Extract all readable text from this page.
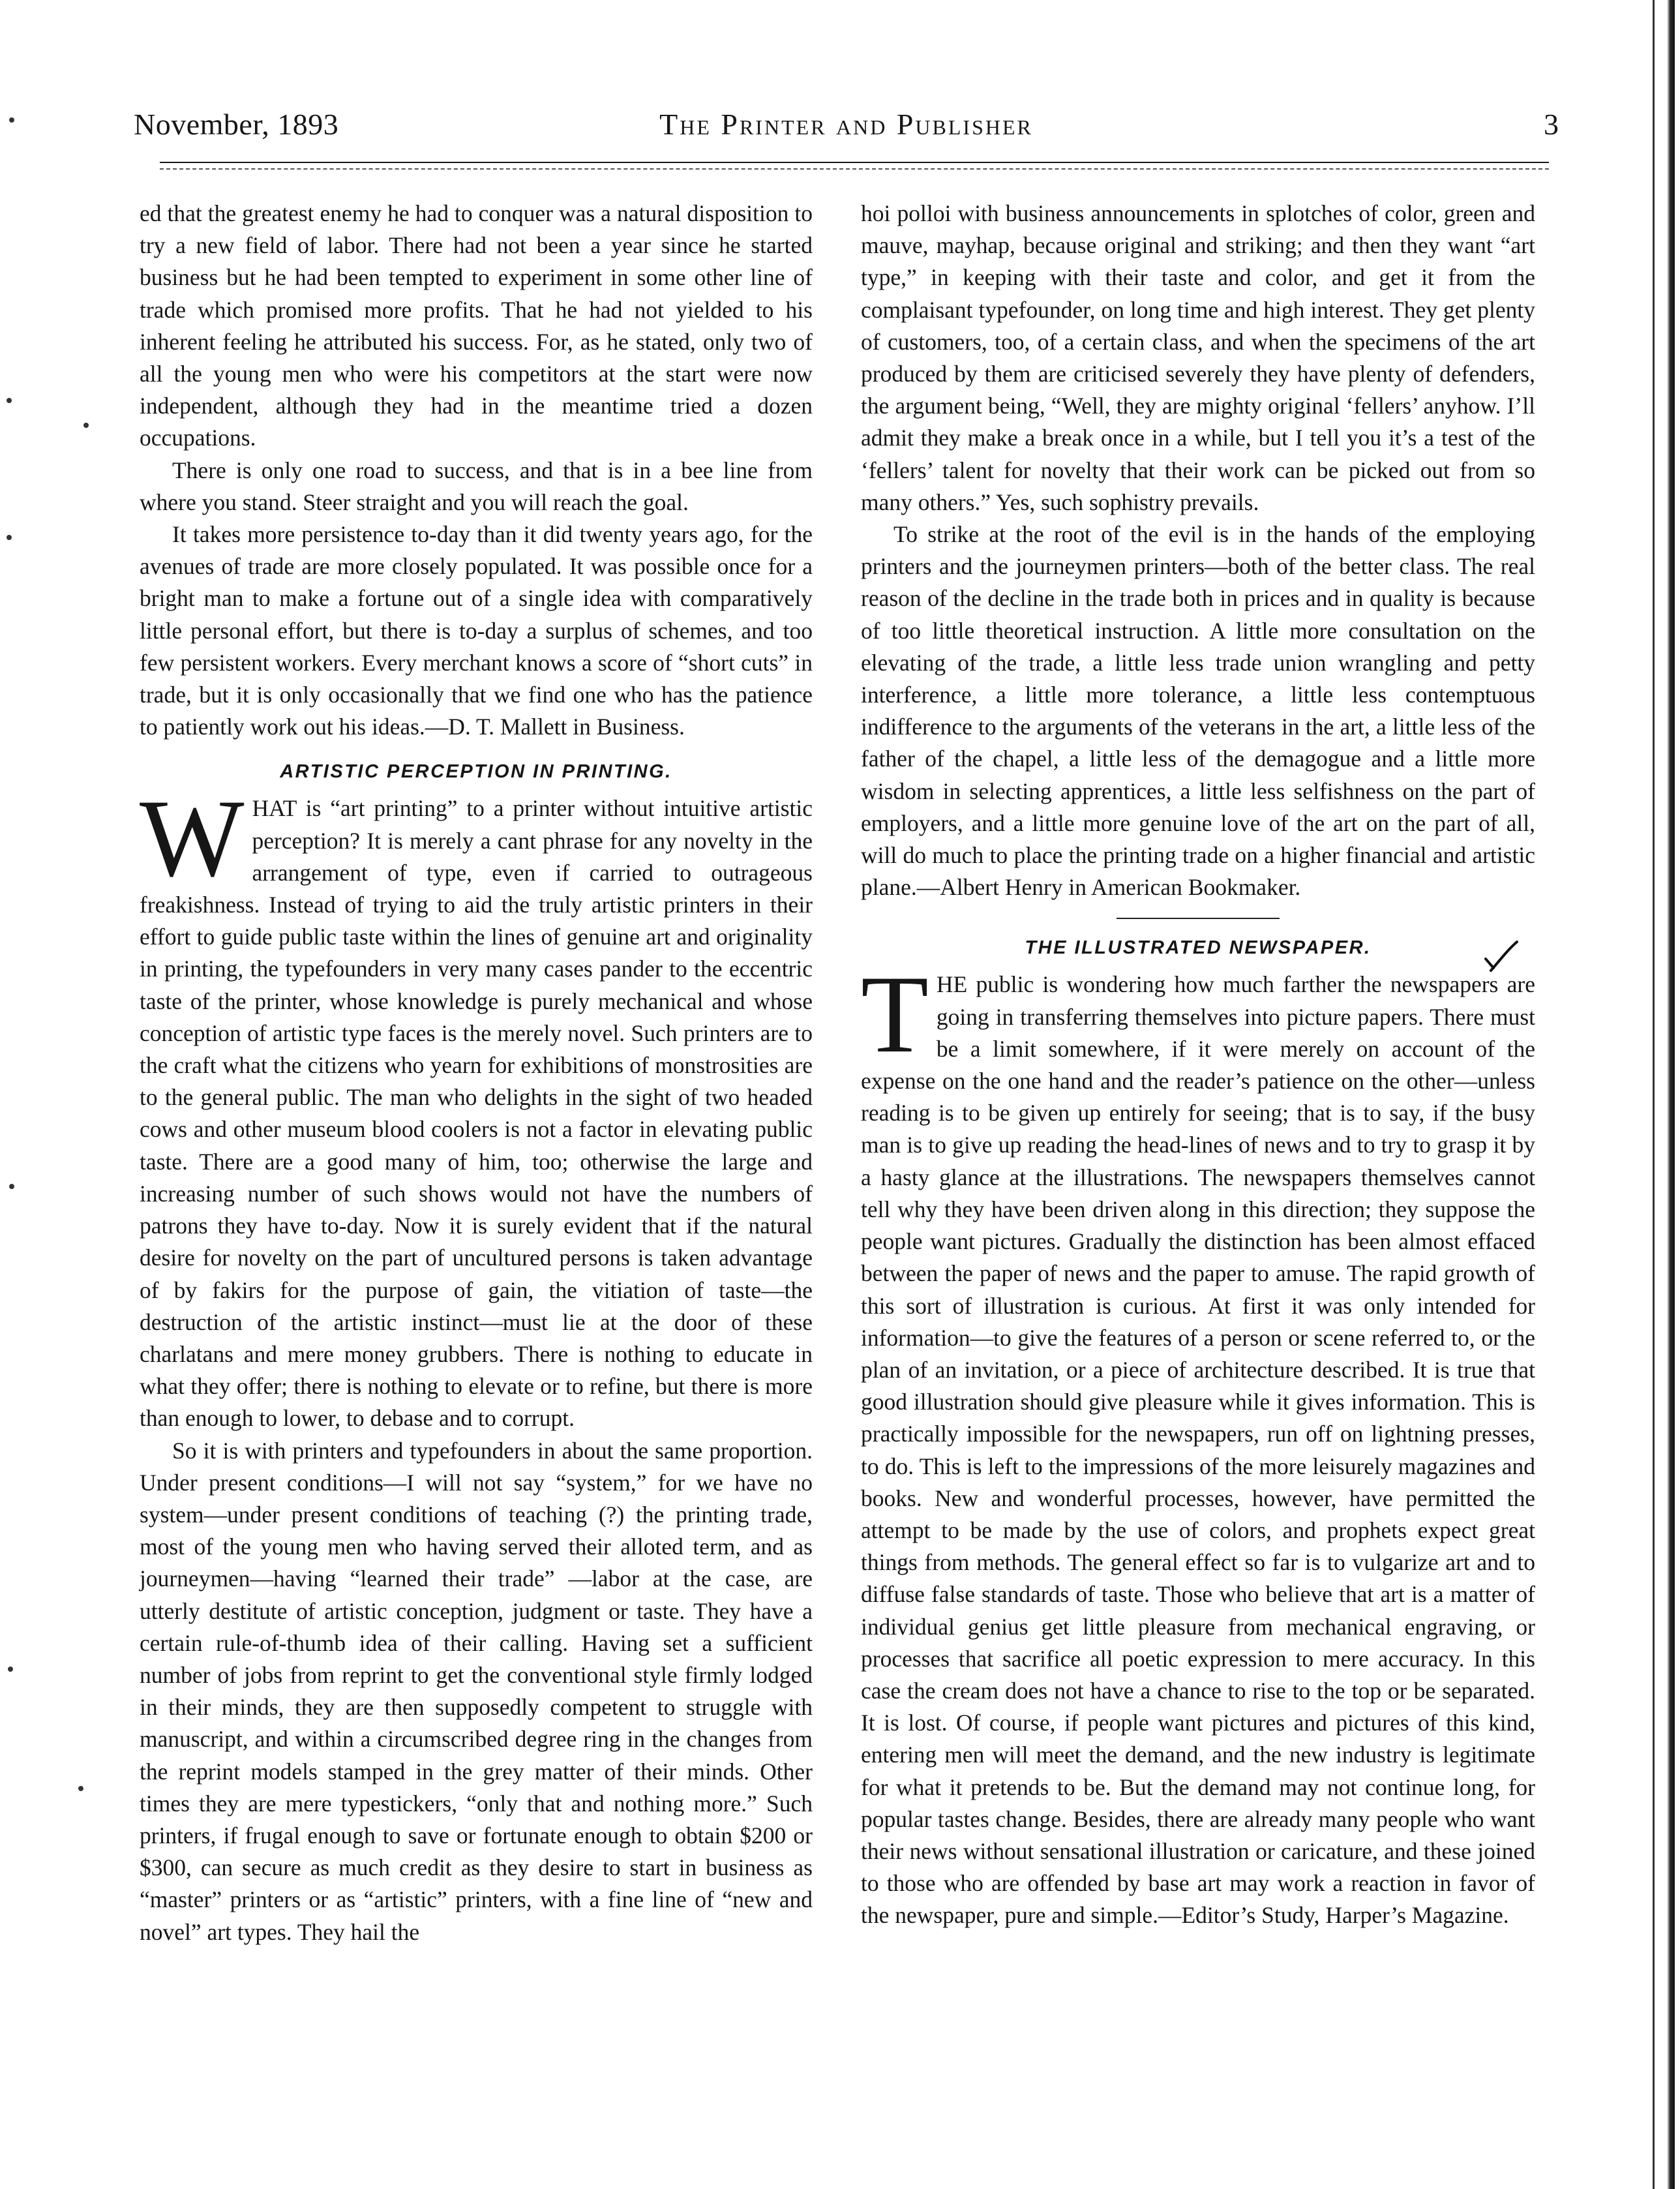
November, 1893	The Printer and Publisher	3

ed that the greatest enemy he had to conquer was a natural disposition to try a new field of labor. There had not been a year since he started business but he had been tempted to experiment in some other line of trade which promised more profits. That he had not yielded to his inherent feeling he attributed his success. For, as he stated, only two of all the young men who were his competitors at the start were now independent, although they had in the meantime tried a dozen occupations.

There is only one road to success, and that is in a bee line from where you stand. Steer straight and you will reach the goal.

It takes more persistence to-day than it did twenty years ago, for the avenues of trade are more closely populated. It was possible once for a bright man to make a fortune out of a single idea with comparatively little personal effort, but there is to-day a surplus of schemes, and too few persistent workers. Every merchant knows a score of “short cuts” in trade, but it is only occasionally that we find one who has the patience to patiently work out his ideas.—D. T. Mallett in Business.

ARTISTIC PERCEPTION IN PRINTING.

WHAT is “art printing” to a printer without intuitive artistic perception? It is merely a cant phrase for any novelty in the arrangement of type, even if carried to outrageous freakishness. Instead of trying to aid the truly artistic printers in their effort to guide public taste within the lines of genuine art and originality in printing, the typefounders in very many cases pander to the eccentric taste of the printer, whose knowledge is purely mechanical and whose conception of artistic type faces is the merely novel. Such printers are to the craft what the citizens who yearn for exhibitions of monstrosities are to the general public. The man who delights in the sight of two headed cows and other museum blood coolers is not a factor in elevating public taste. There are a good many of him, too; otherwise the large and increasing number of such shows would not have the numbers of patrons they have to-day. Now it is surely evident that if the natural desire for novelty on the part of uncultured persons is taken advantage of by fakirs for the purpose of gain, the vitiation of taste—the destruction of the artistic instinct—must lie at the door of these charlatans and mere money grubbers. There is nothing to educate in what they offer; there is nothing to elevate or to refine, but there is more than enough to lower, to debase and to corrupt.

So it is with printers and typefounders in about the same proportion. Under present conditions—I will not say “system,” for we have no system—under present conditions of teaching (?) the printing trade, most of the young men who having served their alloted term, and as journeymen—having “learned their trade” —labor at the case, are utterly destitute of artistic conception, judgment or taste. They have a certain rule-of-thumb idea of their calling. Having set a sufficient number of jobs from reprint to get the conventional style firmly lodged in their minds, they are then supposedly competent to struggle with manuscript, and within a circumscribed degree ring in the changes from the reprint models stamped in the grey matter of their minds. Other times they are mere typestickers, “only that and nothing more.” Such printers, if frugal enough to save or fortunate enough to obtain $200 or $300, can secure as much credit as they desire to start in business as “master” printers or as “artistic” printers, with a fine line of “new and novel” art types. They hail the

hoi polloi with business announcements in splotches of color, green and mauve, mayhap, because original and striking; and then they want “art type,” in keeping with their taste and color, and get it from the complaisant typefounder, on long time and high interest. They get plenty of customers, too, of a certain class, and when the specimens of the art produced by them are criticised severely they have plenty of defenders, the argument being, “Well, they are mighty original ‘fellers’ anyhow. I’ll admit they make a break once in a while, but I tell you it’s a test of the ‘fellers’ talent for novelty that their work can be picked out from so many others.” Yes, such sophistry prevails.

To strike at the root of the evil is in the hands of the employing printers and the journeymen printers—both of the better class. The real reason of the decline in the trade both in prices and in quality is because of too little theoretical instruction. A little more consultation on the elevating of the trade, a little less trade union wrangling and petty interference, a little more tolerance, a little less contemptuous indifference to the arguments of the veterans in the art, a little less of the father of the chapel, a little less of the demagogue and a little more wisdom in selecting apprentices, a little less selfishness on the part of employers, and a little more genuine love of the art on the part of all, will do much to place the printing trade on a higher financial and artistic plane.—Albert Henry in American Bookmaker.

THE ILLUSTRATED NEWSPAPER.

THE public is wondering how much farther the newspapers are going in transferring themselves into picture papers. There must be a limit somewhere, if it were merely on account of the expense on the one hand and the reader’s patience on the other—unless reading is to be given up entirely for seeing; that is to say, if the busy man is to give up reading the head-lines of news and to try to grasp it by a hasty glance at the illustrations. The newspapers themselves cannot tell why they have been driven along in this direction; they suppose the people want pictures. Gradually the distinction has been almost effaced between the paper of news and the paper to amuse. The rapid growth of this sort of illustration is curious. At first it was only intended for information—to give the features of a person or scene referred to, or the plan of an invitation, or a piece of architecture described. It is true that good illustration should give pleasure while it gives information. This is practically impossible for the newspapers, run off on lightning presses, to do. This is left to the impressions of the more leisurely magazines and books. New and wonderful processes, however, have permitted the attempt to be made by the use of colors, and prophets expect great things from methods. The general effect so far is to vulgarize art and to diffuse false standards of taste. Those who believe that art is a matter of individual genius get little pleasure from mechanical engraving, or processes that sacrifice all poetic expression to mere accuracy. In this case the cream does not have a chance to rise to the top or be separated. It is lost. Of course, if people want pictures and pictures of this kind, entering men will meet the demand, and the new industry is legitimate for what it pretends to be. But the demand may not continue long, for popular tastes change. Besides, there are already many people who want their news without sensational illustration or caricature, and these joined to those who are offended by base art may work a reaction in favor of the newspaper, pure and simple.—Editor’s Study, Harper’s Magazine.
